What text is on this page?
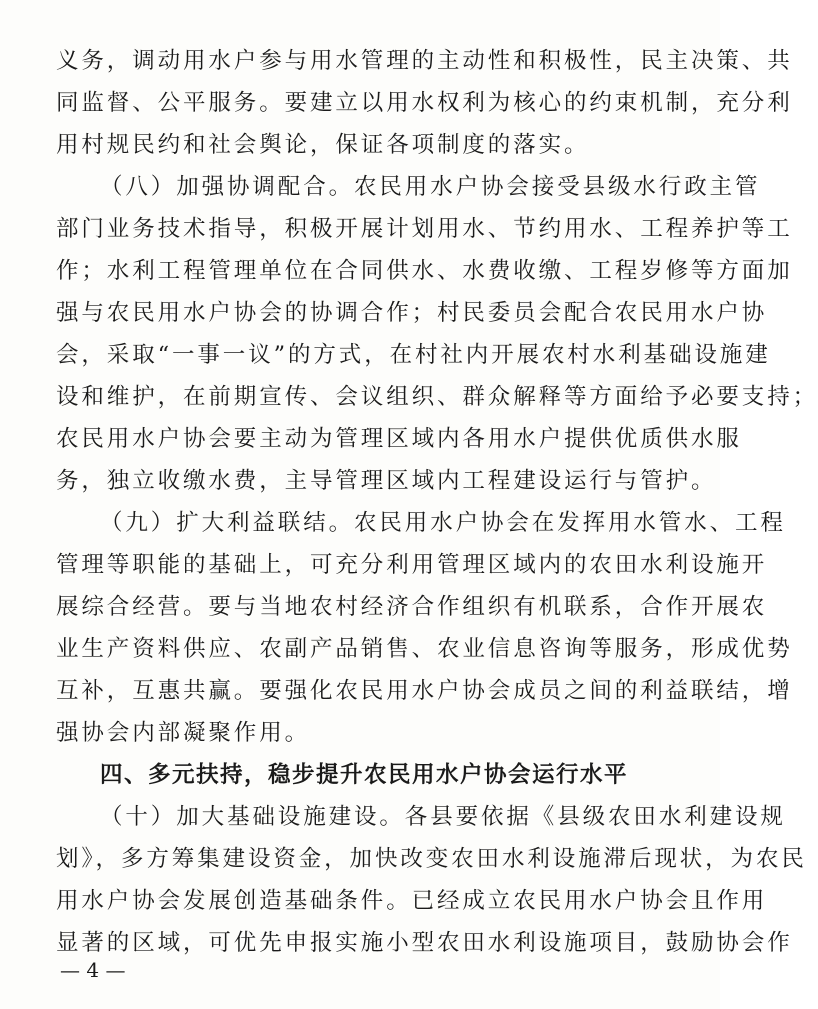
义务，调动用水户参与用水管理的主动性和积极性，民主决策、共
同监督、公平服务。要建立以用水权利为核心的约束机制，充分利
用村规民约和社会舆论，保证各项制度的落实。
（八）加强协调配合。农民用水户协会接受县级水行政主管
部门业务技术指导，积极开展计划用水、节约用水、工程养护等工
作；水利工程管理单位在合同供水、水费收缴、工程岁修等方面加
强与农民用水户协会的协调合作；村民委员会配合农民用水户协
会，采取“一事一议”的方式，在村社内开展农村水利基础设施建
设和维护，在前期宣传、会议组织、群众解释等方面给予必要支持；
农民用水户协会要主动为管理区域内各用水户提供优质供水服
务，独立收缴水费，主导管理区域内工程建设运行与管护。
（九）扩大利益联结。农民用水户协会在发挥用水管水、工程
管理等职能的基础上，可充分利用管理区域内的农田水利设施开
展综合经营。要与当地农村经济合作组织有机联系，合作开展农
业生产资料供应、农副产品销售、农业信息咨询等服务，形成优势
互补，互惠共赢。要强化农民用水户协会成员之间的利益联结，增
强协会内部凝聚作用。
四、多元扶持，稳步提升农民用水户协会运行水平
（十）加大基础设施建设。各县要依据《县级农田水利建设规
划》，多方筹集建设资金，加快改变农田水利设施滞后现状，为农民
用水户协会发展创造基础条件。已经成立农民用水户协会且作用
显著的区域，可优先申报实施小型农田水利设施项目，鼓励协会作
— 4 —
